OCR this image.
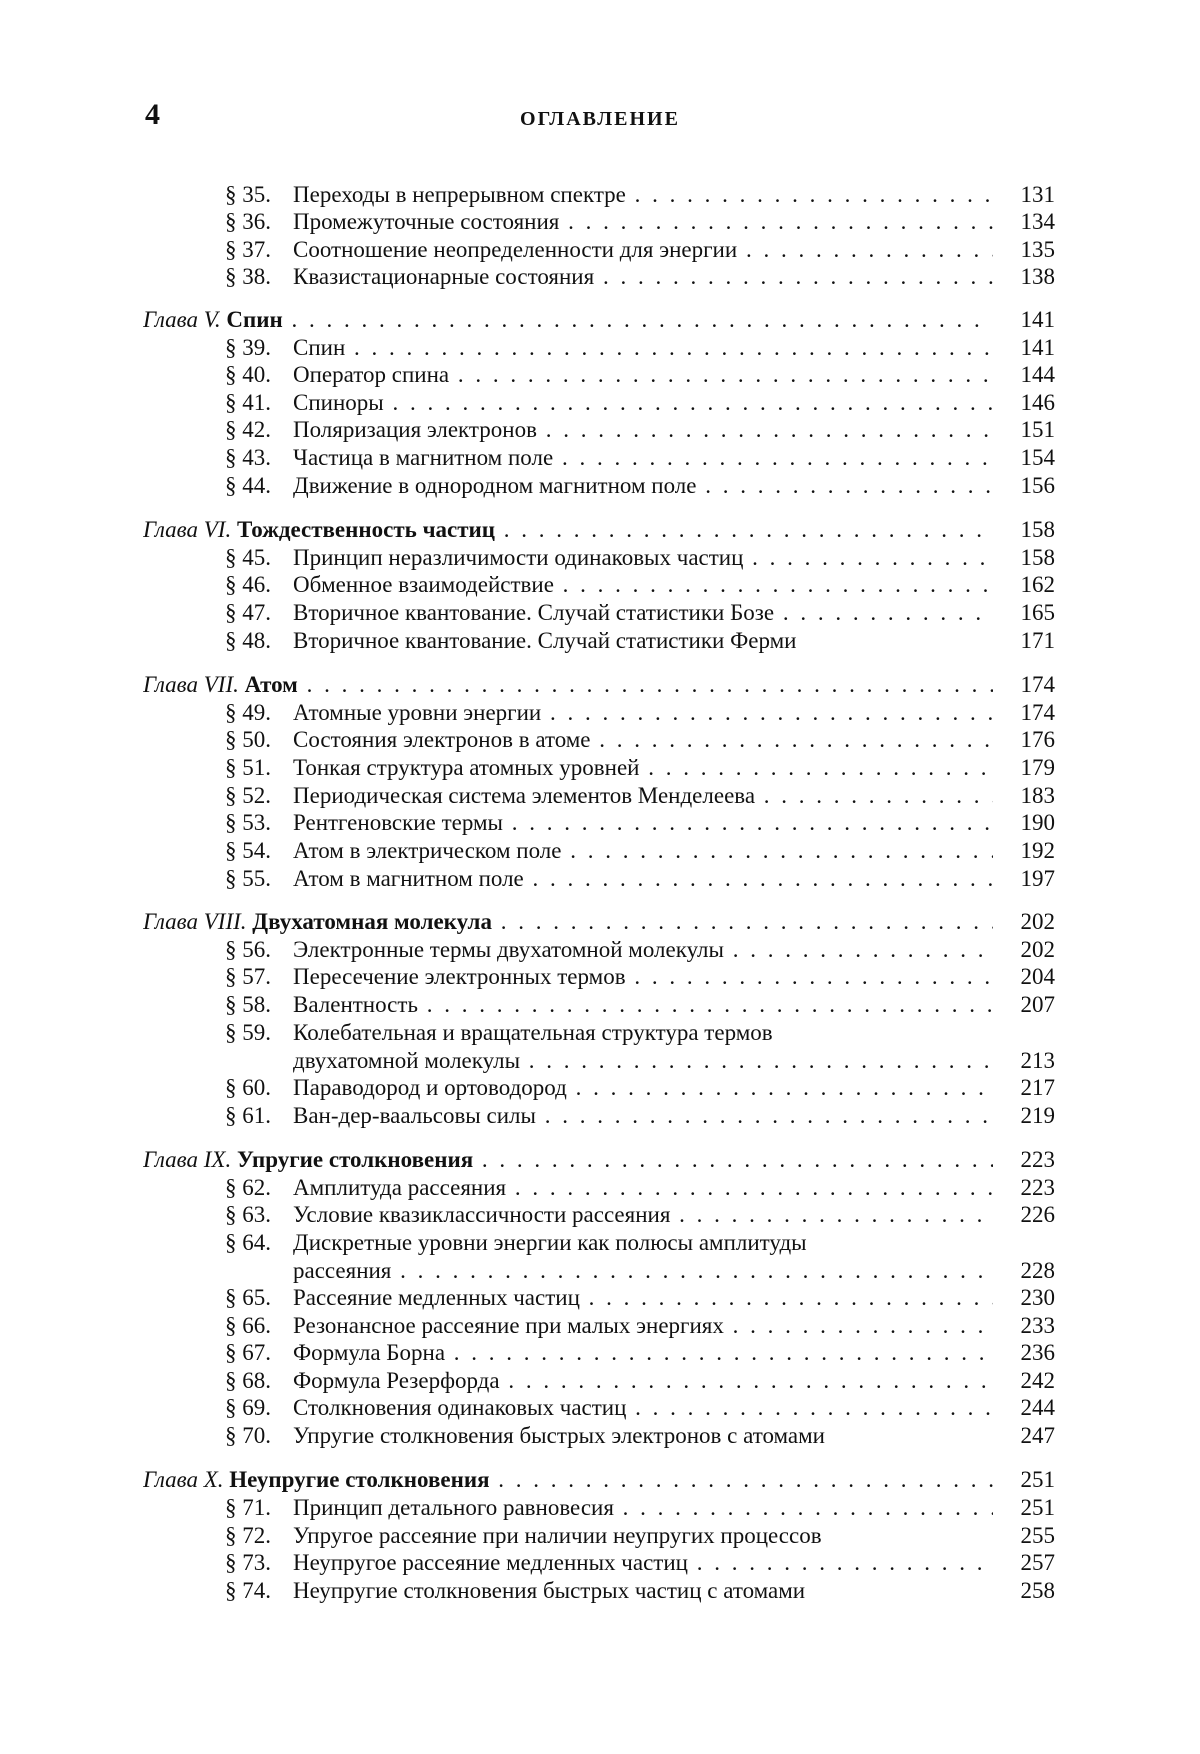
4	ОГЛАВЛЕНИЕ
§ 35. Переходы в непрерывном спектре . . .	131
§ 36. Промежуточные состояния . . .	134
§ 37. Соотношение неопределенности для энергии . . .	135
§ 38. Квазистационарные состояния . . .	138
Глава V. Спин . . .	141
§ 39. Спин . . .	141
§ 40. Оператор спина . . .	144
§ 41. Спиноры . . .	146
§ 42. Поляризация электронов . . .	151
§ 43. Частица в магнитном поле . . .	154
§ 44. Движение в однородном магнитном поле . . .	156
Глава VI. Тождественность частиц . . .	158
§ 45. Принцип неразличимости одинаковых частиц . . .	158
§ 46. Обменное взаимодействие . . .	162
§ 47. Вторичное квантование. Случай статистики Бозе . . .	165
§ 48. Вторичное квантование. Случай статистики Ферми	171
Глава VII. Атом . . .	174
§ 49. Атомные уровни энергии . . .	174
§ 50. Состояния электронов в атоме . . .	176
§ 51. Тонкая структура атомных уровней . . .	179
§ 52. Периодическая система элементов Менделеева . . .	183
§ 53. Рентгеновские термы . . .	190
§ 54. Атом в электрическом поле . . .	192
§ 55. Атом в магнитном поле . . .	197
Глава VIII. Двухатомная молекула . . .	202
§ 56. Электронные термы двухатомной молекулы . . .	202
§ 57. Пересечение электронных термов . . .	204
§ 58. Валентность . . .	207
§ 59. Колебательная и вращательная структура термов
двухатомной молекулы . . .	213
§ 60. Параводород и ортоводород . . .	217
§ 61. Ван-дер-ваальсовы силы . . .	219
Глава IX. Упругие столкновения . . .	223
§ 62. Амплитуда рассеяния . . .	223
§ 63. Условие квазиклассичности рассеяния . . .	226
§ 64. Дискретные уровни энергии как полюсы амплитуды
рассеяния . . .	228
§ 65. Рассеяние медленных частиц . . .	230
§ 66. Резонансное рассеяние при малых энергиях . . .	233
§ 67. Формула Борна . . .	236
§ 68. Формула Резерфорда . . .	242
§ 69. Столкновения одинаковых частиц . . .	244
§ 70. Упругие столкновения быстрых электронов с атомами	247
Глава X. Неупругие столкновения . . .	251
§ 71. Принцип детального равновесия . . .	251
§ 72. Упругое рассеяние при наличии неупругих процессов	255
§ 73. Неупругое рассеяние медленных частиц . . .	257
§ 74. Неупругие столкновения быстрых частиц с атомами	258
